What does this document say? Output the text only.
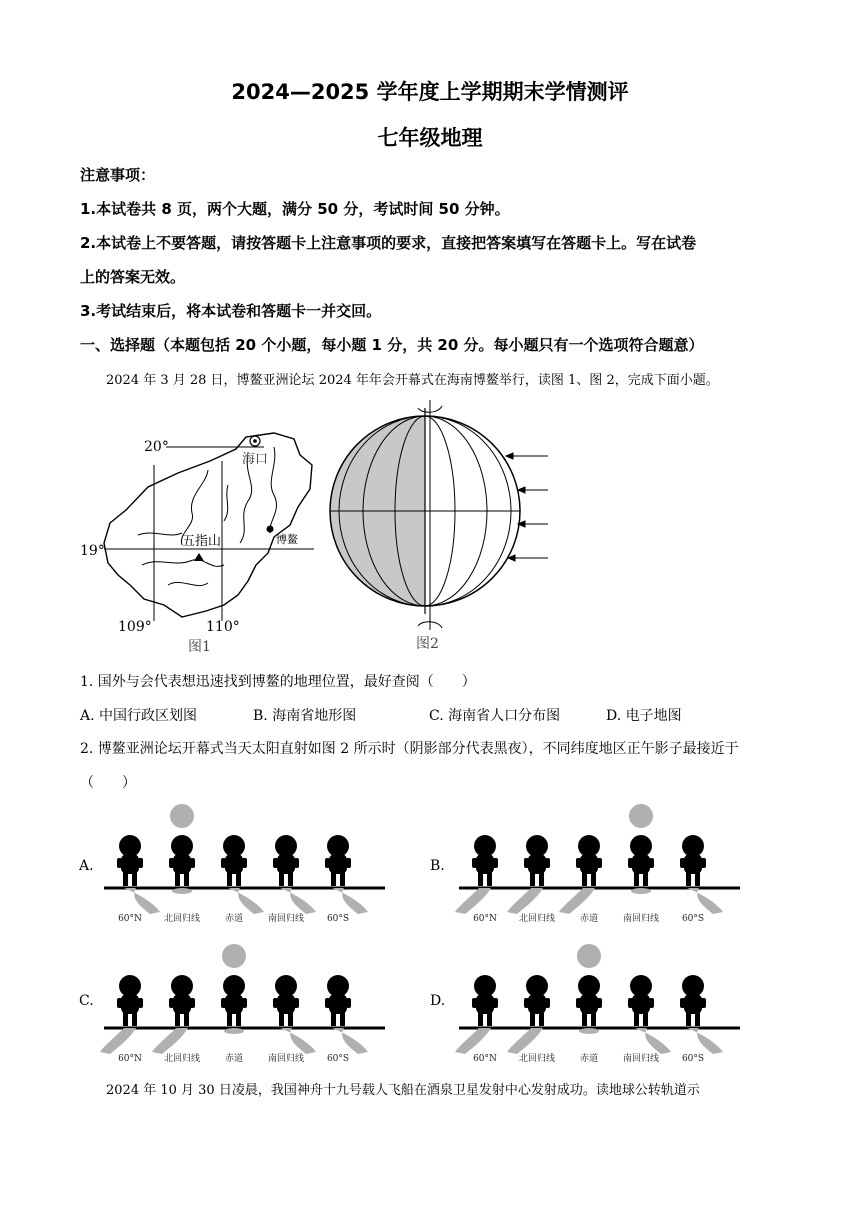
2024—2025 学年度上学期期末学情测评
七年级地理
注意事项：
1.本试卷共 8 页，两个大题，满分 50 分，考试时间 50 分钟。
2.本试卷上不要答题，请按答题卡上注意事项的要求，直接把答案填写在答题卡上。写在试卷
上的答案无效。
3.考试结束后，将本试卷和答题卡一并交回。
一、选择题（本题包括 20 个小题，每小题 1 分，共 20 分。每小题只有一个选项符合题意）
2024 年 3 月 28 日，博鳌亚洲论坛 2024 年年会开幕式在海南博鳌举行，读图 1、图 2，完成下面小题。
20°
19°
109°	110°
海口
五指山	博鳌
图1	图2
1. 国外与会代表想迅速找到博鳌的地理位置，最好查阅（　　）
A. 中国行政区划图	B. 海南省地形图	C. 海南省人口分布图	D. 电子地图
2. 博鳌亚洲论坛开幕式当天太阳直射如图 2 所示时（阴影部分代表黑夜），不同纬度地区正午影子最接近于
（　　）
A.	B.
C.	D.
60°N 北回归线	赤道	南回归线	60°S	60°N 北回归线	赤道	南回归线	60°S
60°N 北回归线	赤道	南回归线	60°S	60°N 北回归线	赤道	南回归线	60°S
2024 年 10 月 30 日凌晨，我国神舟十九号载人飞船在酒泉卫星发射中心发射成功。读地球公转轨道示
